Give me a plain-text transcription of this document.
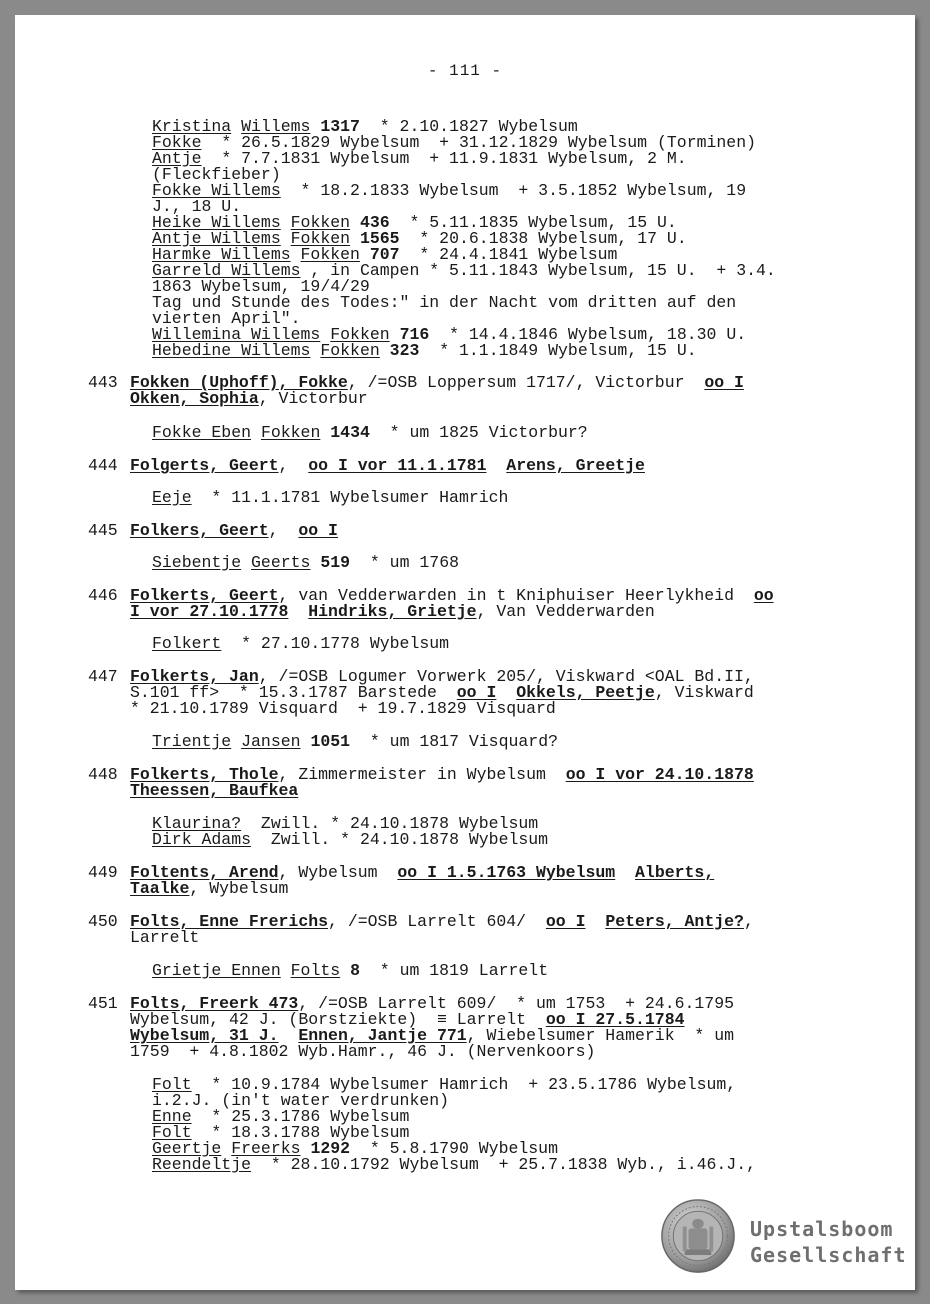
- 111 -
Kristina Willems 1317  * 2.10.1827 Wybelsum
Fokke  * 26.5.1829 Wybelsum  + 31.12.1829 Wybelsum (Torminen)
Antje  * 7.7.1831 Wybelsum  + 11.9.1831 Wybelsum, 2 M.
(Fleckfieber)
Fokke Willems  * 18.2.1833 Wybelsum  + 3.5.1852 Wybelsum, 19
J., 18 U.
Heike Willems Fokken 436  * 5.11.1835 Wybelsum, 15 U.
Antje Willems Fokken 1565  * 20.6.1838 Wybelsum, 17 U.
Harmke Willems Fokken 707  * 24.4.1841 Wybelsum
Garreld Willems , in Campen * 5.11.1843 Wybelsum, 15 U.  + 3.4.
1863 Wybelsum, 19/4/29
Tag und Stunde des Todes:" in der Nacht vom dritten auf den
vierten April".
Willemina Willems Fokken 716  * 14.4.1846 Wybelsum, 18.30 U.
Hebedine Willems Fokken 323  * 1.1.1849 Wybelsum, 15 U.
443 Fokken (Uphoff), Fokke, /=OSB Loppersum 1717/, Victorbur  oo I
Okken, Sophia, Victorbur
Fokke Eben Fokken 1434  * um 1825 Victorbur?
444 Folgerts, Geert,  oo I vor 11.1.1781 Arens, Greetje
Eeje  * 11.1.1781 Wybelsumer Hamrich
445 Folkers, Geert,  oo I
Siebentje Geerts 519  * um 1768
446 Folkerts, Geert, van Vedderwarden in t Kniphuiser Heerlykheid  oo
I vor 27.10.1778 Hindriks, Grietje, Van Vedderwarden
Folkert  * 27.10.1778 Wybelsum
447 Folkerts, Jan, /=OSB Logumer Vorwerk 205/, Viskward <OAL Bd.II,
S.101 ff>  * 15.3.1787 Barstede  oo I Okkels, Peetje, Viskward
* 21.10.1789 Visquard  + 19.7.1829 Visquard
Trientje Jansen 1051  * um 1817 Visquard?
448 Folkerts, Thole, Zimmermeister in Wybelsum  oo I vor 24.10.1878
Theessen, Baufkea
Klaurina?  Zwill. * 24.10.1878 Wybelsum
Dirk Adams  Zwill. * 24.10.1878 Wybelsum
449 Foltents, Arend, Wybelsum  oo I 1.5.1763 Wybelsum Alberts,
Taalke, Wybelsum
450 Folts, Enne Frerichs, /=OSB Larrelt 604/  oo I Peters, Antje?,
Larrelt
Grietje Ennen Folts 8  * um 1819 Larrelt
451 Folts, Freerk 473, /=OSB Larrelt 609/  * um 1753  + 24.6.1795
Wybelsum, 42 J. (Borstziekte)  ≡ Larrelt  oo I 27.5.1784
Wybelsum, 31 J. Ennen, Jantje 771, Wiebelsumer Hamerik  * um
1759  + 4.8.1802 Wyb.Hamr., 46 J. (Nervenkoors)
Folt  * 10.9.1784 Wybelsumer Hamrich  + 23.5.1786 Wybelsum,
i.2.J. (in't water verdrunken)
Enne  * 25.3.1786 Wybelsum
Folt  * 18.3.1788 Wybelsum
Geertje Freerks 1292  * 5.8.1790 Wybelsum
Reendeltje  * 28.10.1792 Wybelsum  + 25.7.1838 Wyb., i.46.J.,
Upstalsboom
Gesellschaft
